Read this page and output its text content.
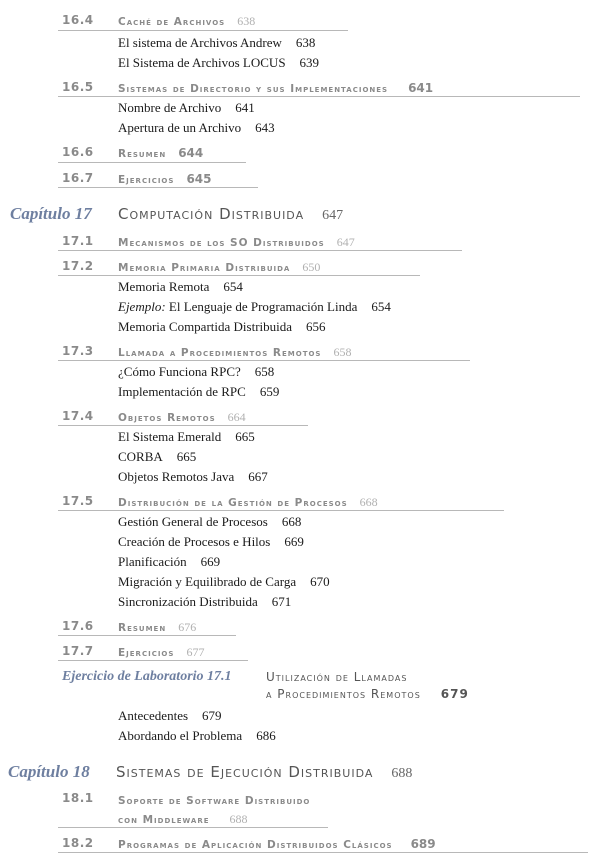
16.4 Caché de Archivos 638
El sistema de Archivos Andrew 638
El Sistema de Archivos LOCUS 639
16.5 Sistemas de Directorio y sus Implementaciones 641
Nombre de Archivo 641
Apertura de un Archivo 643
16.6 Resumen 644
16.7 Ejercicios 645
Capítulo 17 Computación Distribuida 647
17.1 Mecanismos de los SO Distribuidos 647
17.2 Memoria Primaria Distribuida 650
Memoria Remota 654
Ejemplo: El Lenguaje de Programación Linda 654
Memoria Compartida Distribuida 656
17.3 Llamada a Procedimientos Remotos 658
¿Cómo Funciona RPC? 658
Implementación de RPC 659
17.4 Objetos Remotos 664
El Sistema Emerald 665
CORBA 665
Objetos Remotos Java 667
17.5 Distribución de la Gestión de Procesos 668
Gestión General de Procesos 668
Creación de Procesos e Hilos 669
Planificación 669
Migración y Equilibrado de Carga 670
Sincronización Distribuida 671
17.6 Resumen 676
17.7 Ejercicios 677
Ejercicio de Laboratorio 17.1	Utilización de Llamadas
a Procedimientos Remotos 679
Antecedentes 679
Abordando el Problema 686
Capítulo 18 Sistemas de Ejecución Distribuida 688
18.1 Soporte de Software Distribuido
con Middleware 688
18.2 Programas de Aplicación Distribuidos Clásicos 689
